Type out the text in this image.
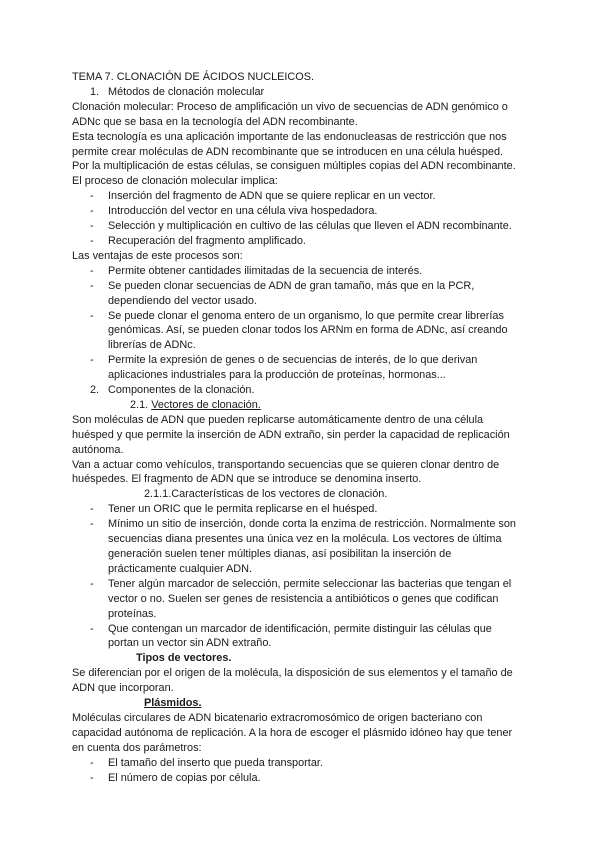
TEMA 7. CLONACIÓN DE ÁCIDOS NUCLEICOS.
1. Métodos de clonación molecular
Clonación molecular: Proceso de amplificación un vivo de secuencias de ADN genómico o
ADNc que se basa en la tecnología del ADN recombinante.
Esta tecnología es una aplicación importante de las endonucleasas de restricción que nos
permite crear moléculas de ADN recombinante que se introducen en una célula huésped.
Por la multiplicación de estas células, se consiguen múltiples copias del ADN recombinante.
El proceso de clonación molecular implica:
- Inserción del fragmento de ADN que se quiere replicar en un vector.
- Introducción del vector en una célula viva hospedadora.
- Selección y multiplicación en cultivo de las células que lleven el ADN recombinante.
- Recuperación del fragmento amplificado.
Las ventajas de este procesos son:
- Permite obtener cantidades ilimitadas de la secuencia de interés.
- Se pueden clonar secuencias de ADN de gran tamaño, más que en la PCR,
dependiendo del vector usado.
- Se puede clonar el genoma entero de un organismo, lo que permite crear librerías
genómicas. Así, se pueden clonar todos los ARNm en forma de ADNc, así creando
librerías de ADNc.
- Permite la expresión de genes o de secuencias de interés, de lo que derivan
aplicaciones industriales para la producción de proteínas, hormonas...
2. Componentes de la clonación.
2.1. Vectores de clonación.
Son moléculas de ADN que pueden replicarse automáticamente dentro de una célula
huésped y que permite la inserción de ADN extraño, sin perder la capacidad de replicación
autónoma.
Van a actuar como vehículos, transportando secuencias que se quieren clonar dentro de
huéspedes. El fragmento de ADN que se introduce se denomina inserto.
2.1.1.Características de los vectores de clonación.
- Tener un ORIC que le permita replicarse en el huésped.
- Mínimo un sitio de inserción, donde corta la enzima de restricción. Normalmente son
secuencias diana presentes una única vez en la molécula. Los vectores de última
generación suelen tener múltiples dianas, así posibilitan la inserción de
prácticamente cualquier ADN.
- Tener algún marcador de selección, permite seleccionar las bacterias que tengan el
vector o no. Suelen ser genes de resistencia a antibióticos o genes que codifican
proteínas.
- Que contengan un marcador de identificación, permite distinguir las células que
portan un vector sin ADN extraño.
Tipos de vectores.
Se diferencian por el origen de la molécula, la disposición de sus elementos y el tamaño de
ADN que incorporan.
Plásmidos.
Moléculas circulares de ADN bicatenario extracromosómico de origen bacteriano con
capacidad autónoma de replicación. A la hora de escoger el plásmido idóneo hay que tener
en cuenta dos parámetros:
- El tamaño del inserto que pueda transportar.
- El número de copias por célula.
